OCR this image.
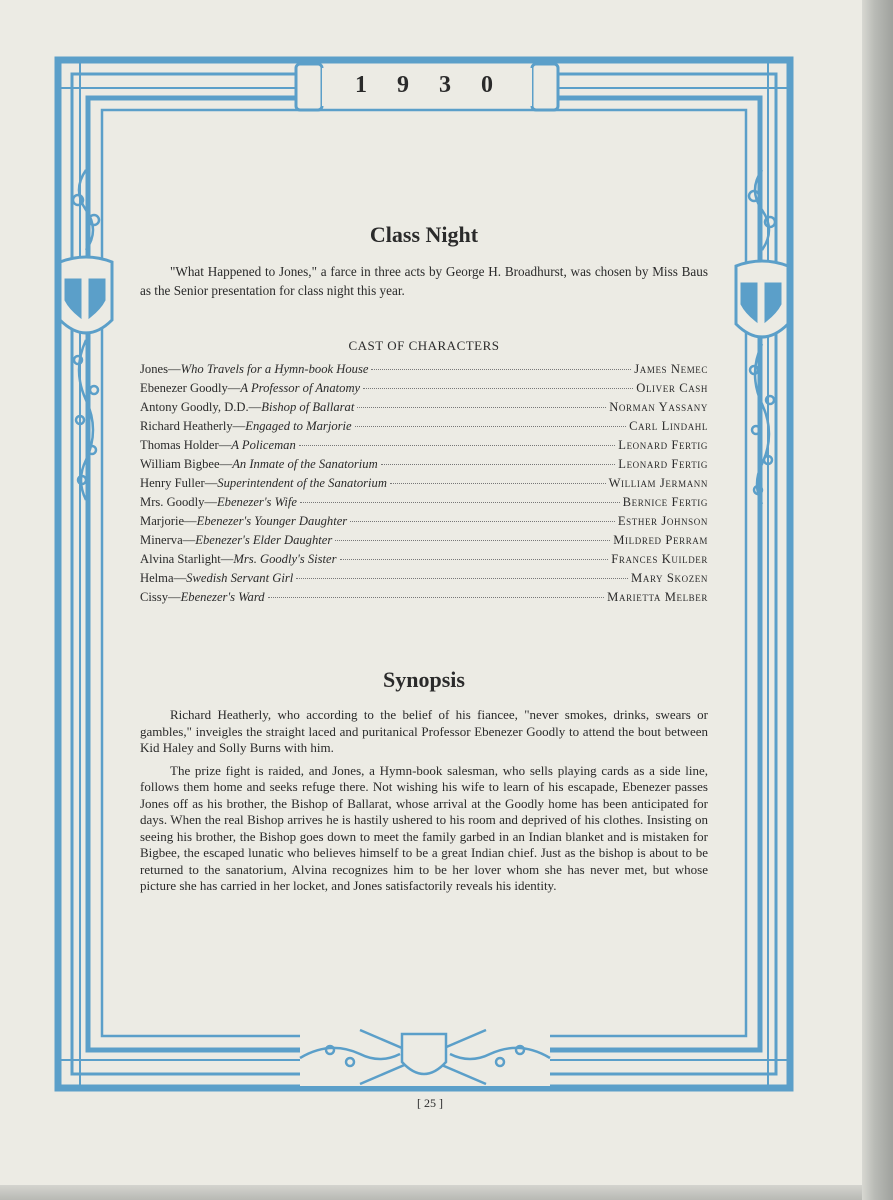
1 9 3 0
Class Night

"What Happened to Jones," a farce in three acts by George H. Broadhurst, was chosen by Miss Baus as the Senior presentation for class night this year.

CAST OF CHARACTERS
Jones—Who Travels for a Hymn-book House	James Nemec
Ebenezer Goodly—A Professor of Anatomy	Oliver Cash
Antony Goodly, D.D.—Bishop of Ballarat	Norman Yassany
Richard Heatherly—Engaged to Marjorie	Carl Lindahl
Thomas Holder—A Policeman	Leonard Fertig
William Bigbee—An Inmate of the Sanatorium	Leonard Fertig
Henry Fuller—Superintendent of the Sanatorium	William Jermann
Mrs. Goodly—Ebenezer's Wife	Bernice Fertig
Marjorie—Ebenezer's Younger Daughter	Esther Johnson
Minerva—Ebenezer's Elder Daughter	Mildred Perram
Alvina Starlight—Mrs. Goodly's Sister	Frances Kuilder
Helma—Swedish Servant Girl	Mary Skozen
Cissy—Ebenezer's Ward	Marietta Melber
Synopsis

Richard Heatherly, who according to the belief of his fiancee, "never smokes, drinks, swears or gambles," inveigles the straight laced and puritanical Professor Ebenezer Goodly to attend the bout between Kid Haley and Solly Burns with him.

The prize fight is raided, and Jones, a Hymn-book salesman, who sells playing cards as a side line, follows them home and seeks refuge there. Not wishing his wife to learn of his escapade, Ebenezer passes Jones off as his brother, the Bishop of Ballarat, whose arrival at the Goodly home has been anticipated for days. When the real Bishop arrives he is hastily ushered to his room and deprived of his clothes. Insisting on seeing his brother, the Bishop goes down to meet the family garbed in an Indian blanket and is mistaken for Bigbee, the escaped lunatic who believes himself to be a great Indian chief. Just as the bishop is about to be returned to the sanatorium, Alvina recognizes him to be her lover whom she has never met, but whose picture she has carried in her locket, and Jones satisfactorily reveals his identity.

[ 25 ]
